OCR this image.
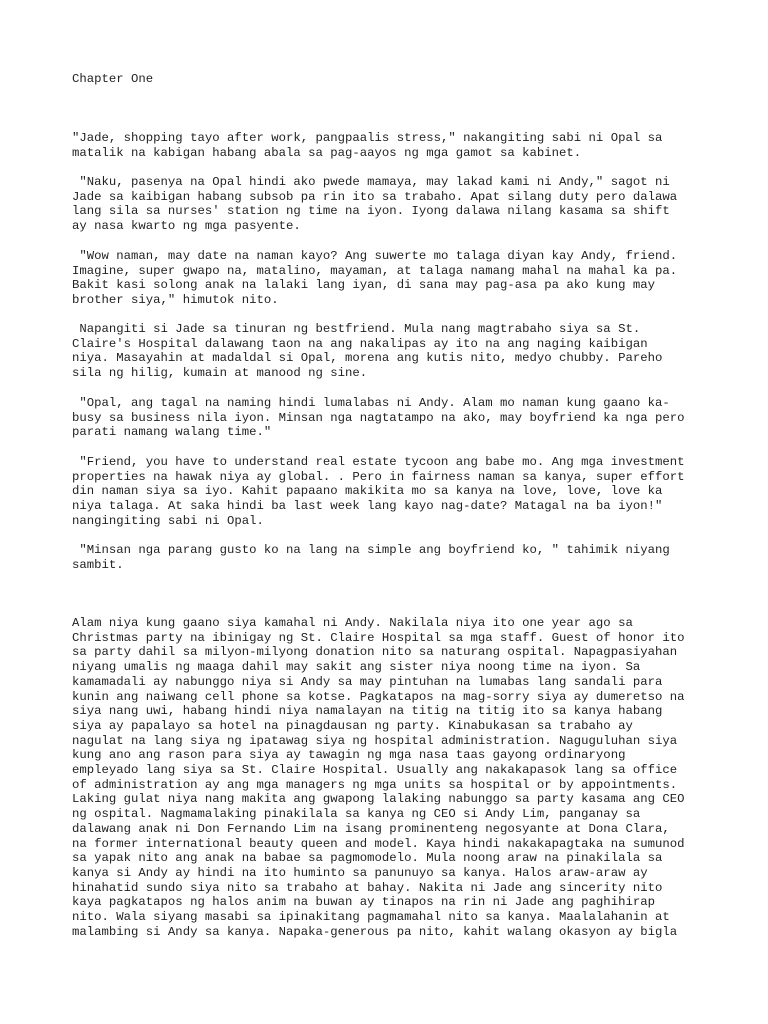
Chapter One

"Jade, shopping tayo after work, pangpaalis stress," nakangiting sabi ni Opal sa
matalik na kabigan habang abala sa pag-aayos ng mga gamot sa kabinet.

"Naku, pasenya na Opal hindi ako pwede mamaya, may lakad kami ni Andy," sagot ni
Jade sa kaibigan habang subsob pa rin ito sa trabaho. Apat silang duty pero dalawa
lang sila sa nurses' station ng time na iyon. Iyong dalawa nilang kasama sa shift
ay nasa kwarto ng mga pasyente.

"Wow naman, may date na naman kayo? Ang suwerte mo talaga diyan kay Andy, friend.
Imagine, super gwapo na, matalino, mayaman, at talaga namang mahal na mahal ka pa.
Bakit kasi solong anak na lalaki lang iyan, di sana may pag-asa pa ako kung may
brother siya," himutok nito.

Napangiti si Jade sa tinuran ng bestfriend. Mula nang magtrabaho siya sa St.
Claire's Hospital dalawang taon na ang nakalipas ay ito na ang naging kaibigan
niya. Masayahin at madaldal si Opal, morena ang kutis nito, medyo chubby. Pareho
sila ng hilig, kumain at manood ng sine.

"Opal, ang tagal na naming hindi lumalabas ni Andy. Alam mo naman kung gaano ka-
busy sa business nila iyon. Minsan nga nagtatampo na ako, may boyfriend ka nga pero
parati namang walang time."

"Friend, you have to understand real estate tycoon ang babe mo. Ang mga investment
properties na hawak niya ay global. . Pero in fairness naman sa kanya, super effort
din naman siya sa iyo. Kahit papaano makikita mo sa kanya na love, love, love ka
niya talaga. At saka hindi ba last week lang kayo nag-date? Matagal na ba iyon!"
nangingiting sabi ni Opal.

"Minsan nga parang gusto ko na lang na simple ang boyfriend ko, " tahimik niyang
sambit.

Alam niya kung gaano siya kamahal ni Andy. Nakilala niya ito one year ago sa
Christmas party na ibinigay ng St. Claire Hospital sa mga staff. Guest of honor ito
sa party dahil sa milyon-milyong donation nito sa naturang ospital. Napagpasiyahan
niyang umalis ng maaga dahil may sakit ang sister niya noong time na iyon. Sa
kamamadali ay nabunggo niya si Andy sa may pintuhan na lumabas lang sandali para
kunin ang naiwang cell phone sa kotse. Pagkatapos na mag-sorry siya ay dumeretso na
siya nang uwi, habang hindi niya namalayan na titig na titig ito sa kanya habang
siya ay papalayo sa hotel na pinagdausan ng party. Kinabukasan sa trabaho ay
nagulat na lang siya ng ipatawag siya ng hospital administration. Naguguluhan siya
kung ano ang rason para siya ay tawagin ng mga nasa taas gayong ordinaryong
empleyado lang siya sa St. Claire Hospital. Usually ang nakakapasok lang sa office
of administration ay ang mga managers ng mga units sa hospital or by appointments.
Laking gulat niya nang makita ang gwapong lalaking nabunggo sa party kasama ang CEO
ng ospital. Nagmamalaking pinakilala sa kanya ng CEO si Andy Lim, panganay sa
dalawang anak ni Don Fernando Lim na isang prominenteng negosyante at Dona Clara,
na former international beauty queen and model. Kaya hindi nakakapagtaka na sumunod
sa yapak nito ang anak na babae sa pagmomodelo. Mula noong araw na pinakilala sa
kanya si Andy ay hindi na ito huminto sa panunuyo sa kanya. Halos araw-araw ay
hinahatid sundo siya nito sa trabaho at bahay. Nakita ni Jade ang sincerity nito
kaya pagkatapos ng halos anim na buwan ay tinapos na rin ni Jade ang paghihirap
nito. Wala siyang masabi sa ipinakitang pagmamahal nito sa kanya. Maalalahanin at
malambing si Andy sa kanya. Napaka-generous pa nito, kahit walang okasyon ay bigla
